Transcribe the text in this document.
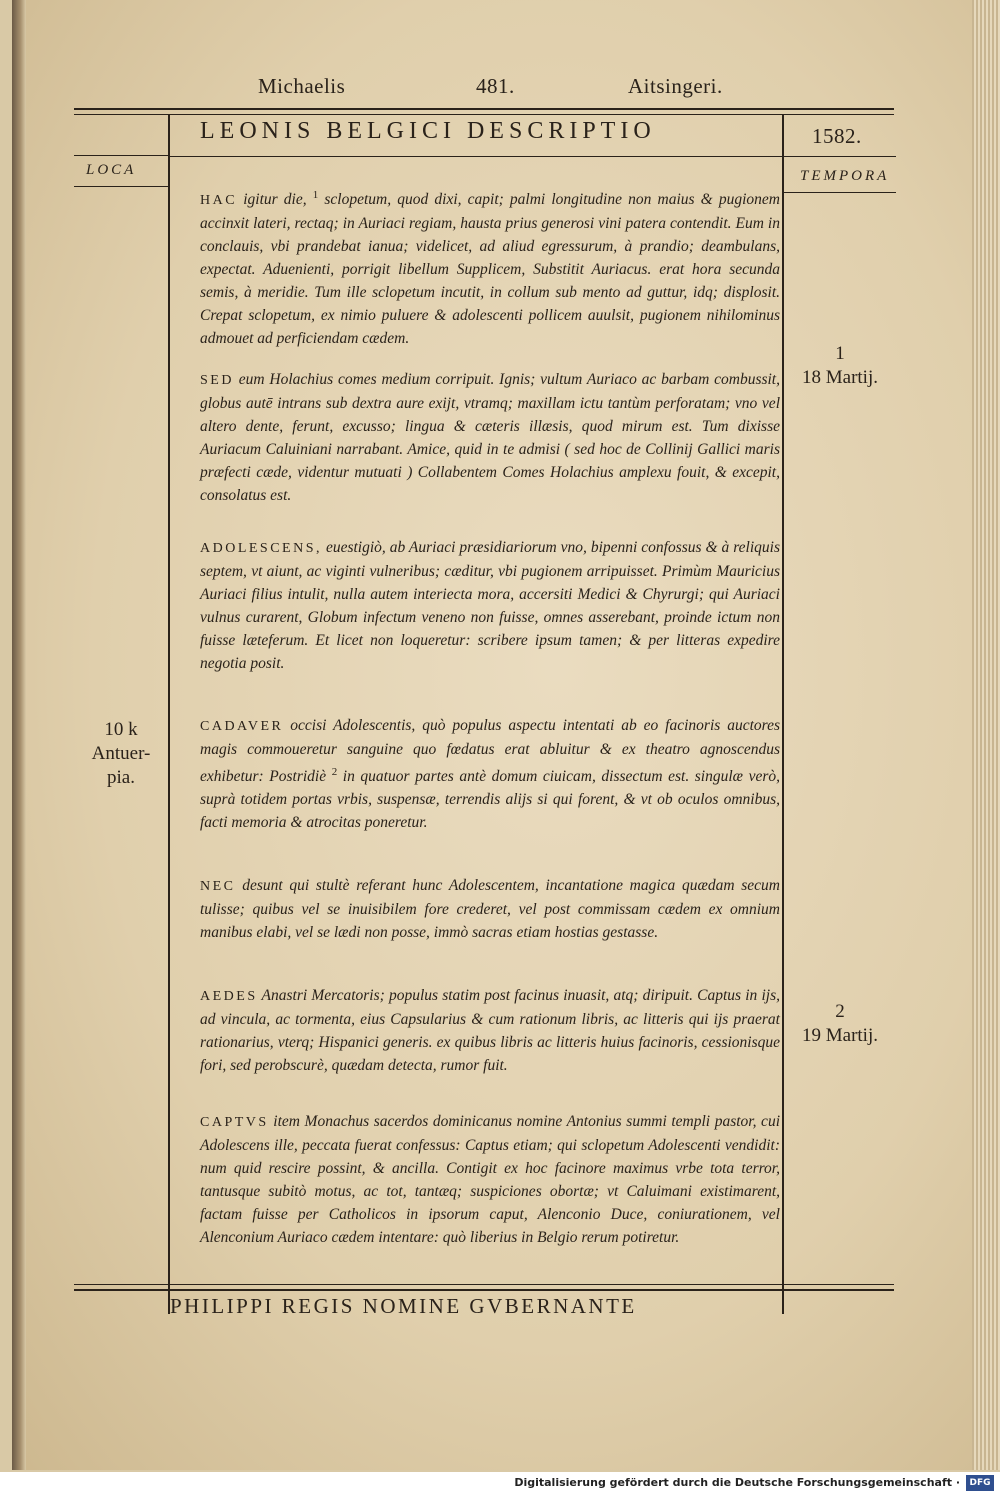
Michaelis	481.	Aitsingeri.
LEONIS BELGICI DESCRIPTIO	1582.
LOCA	TEMPORA
HAC igitur die, $^1$ sclopetum, quod dixi, capit; palmi longitudine non maius & pugionem accinxit lateri, rectaq; in Auriaci regiam, hausta prius generosi vini patera contendit. Eum in conclauis, vbi prandebat ianua; videlicet, ad aliud egressurum, à prandio; deambulans, expectat. Aduenienti, porrigit libellum Supplicem, Substitit Auriacus. erat hora secunda semis, à meridie. Tum ille sclopetum incutit, in collum sub mento ad guttur, idq; displosit. Crepat sclopetum, ex nimio puluere & adolescenti pollicem auulsit, pugionem nihilominus admouet ad perficiendam cædem.
SED eum Holachius comes medium corripuit. Ignis; vultum Auriaco ac barbam combussit, globus autē intrans sub dextra aure exijt, vtramq; maxillam ictu tantùm perforatam; vno vel altero dente, ferunt, excusso; lingua & cæteris illæsis, quod mirum est. Tum dixisse Auriacum Caluiniani narrabant. Amice, quid in te admisi ( sed hoc de Collinij Gallici maris præfecti cæde, videntur mutuati ) Collabentem Comes Holachius amplexu fouit, & excepit, consolatus est.
ADOLESCENS, euestigiò, ab Auriaci præsidiariorum vno, bipenni confossus & à reliquis septem, vt aiunt, ac viginti vulneribus; cæditur, vbi pugionem arripuisset. Primùm Mauricius Auriaci filius intulit, nulla autem interiecta mora, accersiti Medici & Chyrurgi; qui Auriaci vulnus curarent, Globum infectum veneno non fuisse, omnes asserebant, proinde ictum non fuisse læteferum. Et licet non loqueretur: scribere ipsum tamen; & per litteras expedire negotia posit.
CADAVER occisi Adolescentis, quò populus aspectu intentati ab eo facinoris auctores magis commoueretur sanguine quo fœdatus erat abluitur & ex theatro agnoscendus exhibetur: Postridiè $^2$ in quatuor partes antè domum ciuicam, dissectum est. singulæ verò, suprà totidem portas vrbis, suspensæ, terrendis alijs si qui forent, & vt ob oculos omnibus, facti memoria & atrocitas poneretur.
NEC desunt qui stultè referant hunc Adolescentem, incantatione magica quædam secum tulisse; quibus vel se inuisibilem fore crederet, vel post commissam cædem ex omnium manibus elabi, vel se lædi non posse, immò sacras etiam hostias gestasse.
AEDES Anastri Mercatoris; populus statim post facinus inuasit, atq; diripuit. Captus in ijs, ad vincula, ac tormenta, eius Capsularius & cum rationum libris, ac litteris qui ijs praerat rationarius, vterq; Hispanici generis. ex quibus libris ac litteris huius facinoris, cessionisque fori, sed perobscurè, quædam detecta, rumor fuit.
CAPTVS item Monachus sacerdos dominicanus nomine Antonius summi templi pastor, cui Adolescens ille, peccata fuerat confessus: Captus etiam; qui sclopetum Adolescenti vendidit: num quid rescire possint, & ancilla. Contigit ex hoc facinore maximus vrbe tota terror, tantusque subitò motus, ac tot, tantæq; suspiciones obortæ; vt Caluimani existimarent, factam fuisse per Catholicos in ipsorum caput, Alenconio Duce, coniurationem, vel Alenconium Auriaco cædem intentare: quò liberius in Belgio rerum potiretur.
1
18 Martij.
2
19 Martij.
10 k
Antuer-
pia.
PHILIPPI REGIS NOMINE GVBERNANTE
Digitalisierung gefördert durch die Deutsche Forschungsgemeinschaft ·	DFG
